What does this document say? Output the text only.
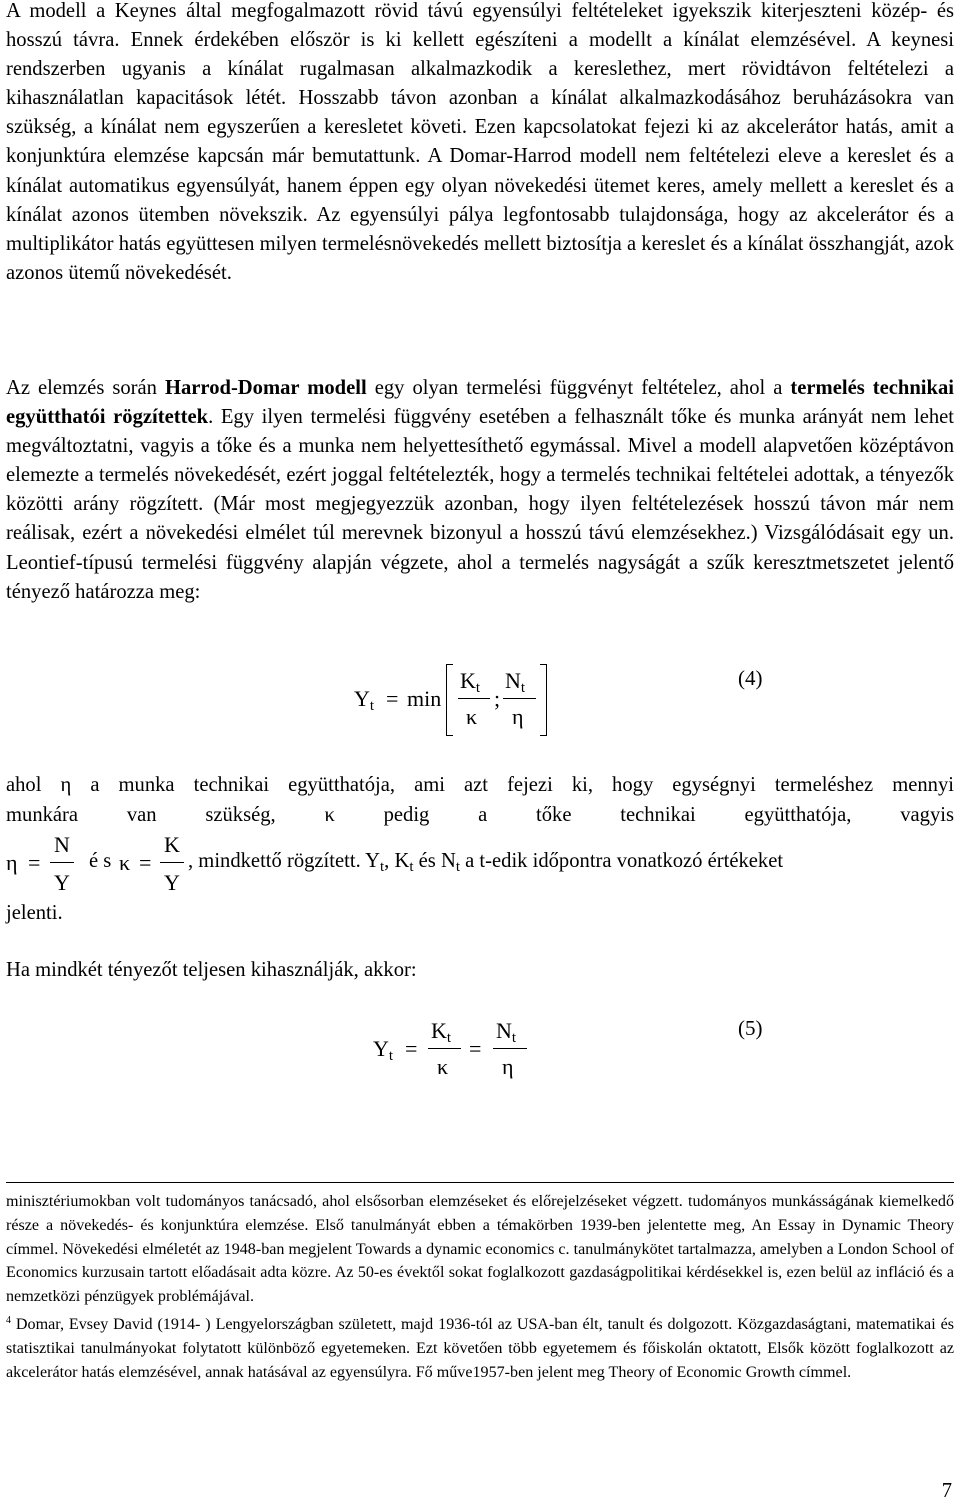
A modell a Keynes által megfogalmazott rövid távú egyensúlyi feltételeket igyekszik kiterjeszteni közép- és hosszú távra. Ennek érdekében először is ki kellett egészíteni a modellt a kínálat elemzésével. A keynesi rendszerben ugyanis a kínálat rugalmasan alkalmazkodik a kereslethez, mert rövidtávon feltételezi a kihasználatlan kapacitások létét. Hosszabb távon azonban a kínálat alkalmazkodásához beruházásokra van szükség, a kínálat nem egyszerűen a keresletet követi. Ezen kapcsolatokat fejezi ki az akcelerátor hatás, amit a konjunktúra elemzése kapcsán már bemutattunk. A Domar-Harrod modell nem feltételezi eleve a kereslet és a kínálat automatikus egyensúlyát, hanem éppen egy olyan növekedési ütemet keres, amely mellett a kereslet és a kínálat azonos ütemben növekszik. Az egyensúlyi pálya legfontosabb tulajdonsága, hogy az akcelerátor és a multiplikátor hatás együttesen milyen termelésnövekedés mellett biztosítja a kereslet és a kínálat összhangját, azok azonos ütemű növekedését.

Az elemzés során Harrod-Domar modell egy olyan termelési függvényt feltételez, ahol a termelés technikai együtthatói rögzítettek. Egy ilyen termelési függvény esetében a felhasznált tőke és munka arányát nem lehet megváltoztatni, vagyis a tőke és a munka nem helyettesíthető egymással. Mivel a modell alapvetően középtávon elemezte a termelés növekedését, ezért joggal feltételezték, hogy a termelés technikai feltételei adottak, a tényezők közötti arány rögzített. (Már most megjegyezzük azonban, hogy ilyen feltételezések hosszú távon már nem reálisak, ezért a növekedési elmélet túl merevnek bizonyul a hosszú távú elemzésekhez.) Vizsgálódásait egy un. Leontief-típusú termelési függvény alapján végzete, ahol a termelés nagyságát a szűk keresztmetszetet jelentő tényező határozza meg:

$Y_t = \min$
$K_t$
κ
;
$N_t$
η
(4)
ahol η a munka technikai együtthatója, ami azt fejezi ki, hogy egységnyi termeléshez mennyi
munkára van szükség, κ pedig a tőke technikai együtthatója, vagyis
η =
N
Y
é s κ =
K
Y
, mindkettő rögzített. $Y_t$, $K_t$ és $N_t$ a t-edik időpontra vonatkozó értékeket
jelenti.
Ha mindkét tényezőt teljesen kihasználják, akkor:
$Y_t$ =
$K_t$
κ
=
$N_t$
η
(5)

minisztériumokban volt tudományos tanácsadó, ahol elsősorban elemzéseket és előrejelzéseket végzett. tudományos munkásságának kiemelkedő része a növekedés- és konjunktúra elemzése. Első tanulmányát ebben a témakörben 1939-ben jelentette meg, An Essay in Dynamic Theory címmel. Növekedési elméletét az 1948-ban megjelent Towards a dynamic economics c. tanulmánykötet tartalmazza, amelyben a London School of Economics kurzusain tartott előadásait adta közre. Az 50-es évektől sokat foglalkozott gazdaságpolitikai kérdésekkel is, ezen belül az infláció és a nemzetközi pénzügyek problémájával.
$^4$ Domar, Evsey David (1914- ) Lengyelországban született, majd 1936-tól az USA-ban élt, tanult és dolgozott. Közgazdaságtani, matematikai és statisztikai tanulmányokat folytatott különböző egyetemeken. Ezt követően több egyetemem és főiskolán oktatott, Elsők között foglalkozott az akcelerátor hatás elemzésével, annak hatásával az egyensúlyra. Fő műve1957-ben jelent meg Theory of Economic Growth címmel.

7
